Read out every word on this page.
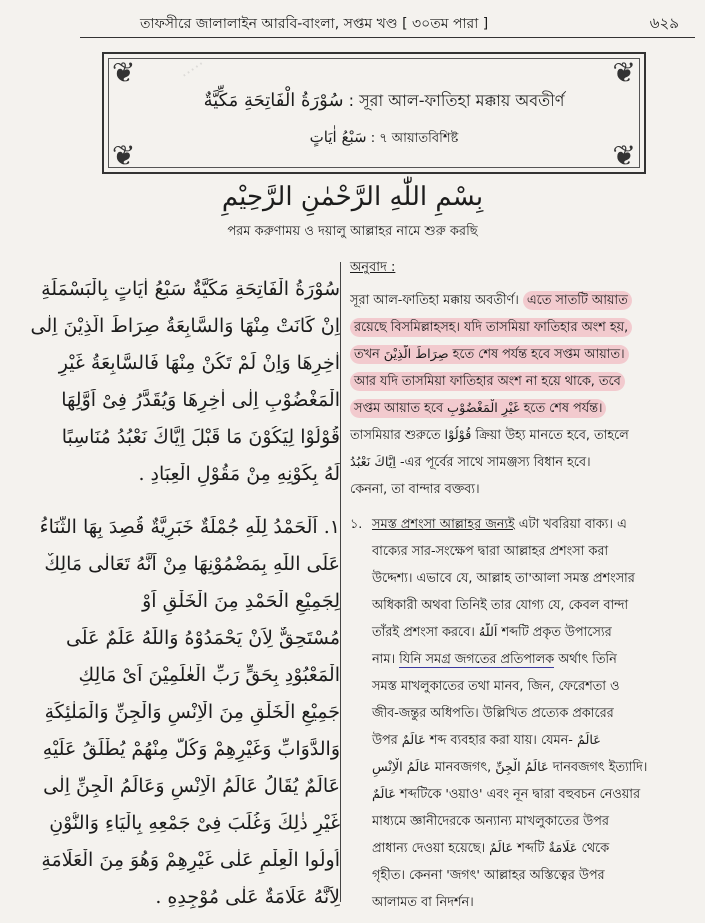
·····
তাফসীরে জালালাইন আরবি-বাংলা, সপ্তম খণ্ড [ ৩০তম পারা ]	৬২৯
❦	❦
❦	❦
سُوْرَةُ الْفَاتِحَةِ مَكِّيَّةٌ : সূরা আল-ফাতিহা মক্কায় অবতীর্ণ
سَبْعُ اٰيَاتٍ : ৭ আয়াতবিশিষ্ট
بِسْمِ اللّٰهِ الرَّحْمٰنِ الرَّحِيْمِ
পরম করুণাময় ও দয়ালু আল্লাহর নামে শুরু করছি
سُوْرَةُ الْفَاتِحَةِ مَكِّيَّةٌ سَبْعُ اٰيَاتٍ بِالْبَسْمَلَةِ
اِنْ كَانَتْ مِنْهَا وَالسَّابِعَةُ صِرَاطَ الَّذِيْنَ اِلٰى
اٰخِرِهَا وَاِنْ لَمْ تَكُنْ مِنْهَا فَالسَّابِعَةُ غَيْرِ
الْمَغْضُوْبِ اِلٰى اٰخِرِهَا وَيُقَدَّرُ فِىْ اَوَّلِهَا
قُوْلُوْا لِيَكُوْنَ مَا قَبْلَ اِيَّاكَ نَعْبُدُ مُنَاسِبًا
لَهُ بِكَوْنِهِ مِنْ مَقُوْلِ الْعِبَادِ .
١. اَلْحَمْدُ لِلّٰهِ جُمْلَةٌ خَبَرِيَّةٌ قُصِدَ بِهَا الثَّنَاءُ
عَلَى اللّٰهِ بِمَضْمُوْنِهَا مِنْ اَنَّهُ تَعَالٰى مَالِكٌ
لِجَمِيْعِ الْحَمْدِ مِنَ الْخَلْقِ اَوْ
مُسْتَحِقٌّ لِاَنْ يَحْمَدُوْهُ وَاللّٰهُ عَلَمٌ عَلَى
الْمَعْبُوْدِ بِحَقٍّ رَبِّ الْعٰلَمِيْنَ اَىْ مَالِكِ
جَمِيْعِ الْخَلْقِ مِنَ الْاِنْسِ وَالْجِنِّ وَالْمَلٰئِكَةِ
وَالدَّوَابِّ وَغَيْرِهِمْ وَكُلٌّ مِنْهُمْ يُطْلَقُ عَلَيْهِ
عَالَمٌ يُقَالُ عَالَمُ الْاِنْسِ وَعَالَمُ الْجِنِّ اِلٰى
غَيْرِ ذٰلِكَ وَغُلِّبَ فِىْ جَمْعِهِ بِالْيَاءِ وَالنُّوْنِ
اُولُوا الْعِلْمِ عَلٰى غَيْرِهِمْ وَهُوَ مِنَ الْعَلَامَةِ
لِاَنَّهُ عَلَامَةٌ عَلٰى مُوْجِدِهِ .
অনুবাদ :
সূরা আল-ফাতিহা মক্কায় অবতীর্ণ। এতে সাতটি আয়াত
রয়েছে বিসমিল্লাহসহ। যদি তাসমিয়া ফাতিহার অংশ হয়,
তখন صِرَاطَ الَّذِيْنَ হতে শেষ পর্যন্ত হবে সপ্তম আয়াত।
আর যদি তাসমিয়া ফাতিহার অংশ না হয়ে থাকে, তবে
সপ্তম আয়াত হবে غَيْرِ الْمَغْضُوْبِ হতে শেষ পর্যন্ত।
তাসমিয়ার শুরুতে قُوْلُوْا ক্রিয়া উহ্য মানতে হবে, তাহলে
اِيَّاكَ نَعْبُدُ -এর পূর্বের সাথে সামঞ্জস্য বিধান হবে।
কেননা, তা বান্দার বক্তব্য।
১. সমস্ত প্রশংসা আল্লাহর জন্যই এটা খবরিয়া বাক্য। এ
বাক্যের সার-সংক্ষেপ দ্বারা আল্লাহর প্রশংসা করা
উদ্দেশ্য। এভাবে যে, আল্লাহ তা'আলা সমস্ত প্রশংসার
অধিকারী অথবা তিনিই তার যোগ্য যে, কেবল বান্দা
তাঁরই প্রশংসা করবে। اَللّٰهُ শব্দটি প্রকৃত উপাস্যের
নাম। যিনি সমগ্র জগতের প্রতিপালক অর্থাৎ তিনি
সমস্ত মাখলুকাতের তথা মানব, জিন, ফেরেশতা ও
জীব-জন্তুর অধিপতি। উল্লিখিত প্রত্যেক প্রকারের
উপর عَالَمٌ শব্দ ব্যবহার করা যায়। যেমন- عَالَمٌ
عَالَمُ الْاِنْسِ মানবজগৎ, عَالَمُ الْجِنِّ দানবজগৎ ইত্যাদি।
عَالَمٌ শব্দটিকে 'ওয়াও' এবং নূন দ্বারা বহুবচন নেওয়ার
মাধ্যমে জ্ঞানীদেরকে অন্যান্য মাখলুকাতের উপর
প্রাধান্য দেওয়া হয়েছে। عَالَمٌ শব্দটি عَلَامَةٌ থেকে
গৃহীত। কেননা 'জগৎ' আল্লাহর অস্তিত্বের উপর
আলামত বা নিদর্শন।
